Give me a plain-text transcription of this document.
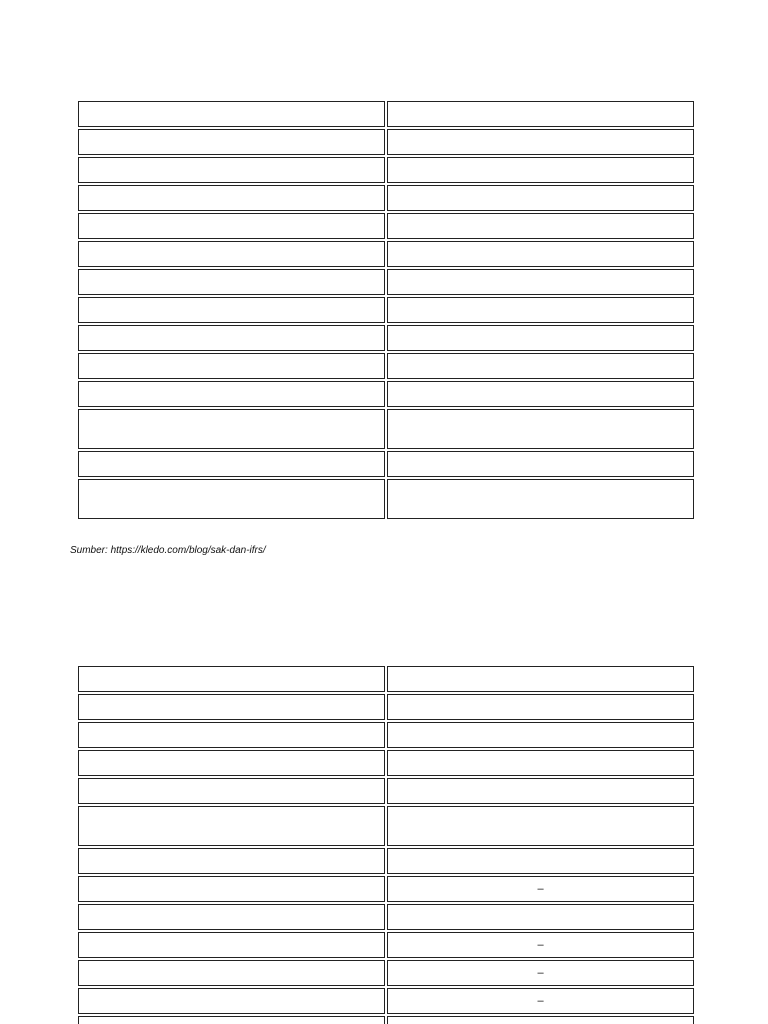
Sumber: https://kledo.com/blog/sak-dan-ifrs/

	–

	–
	–
	–
